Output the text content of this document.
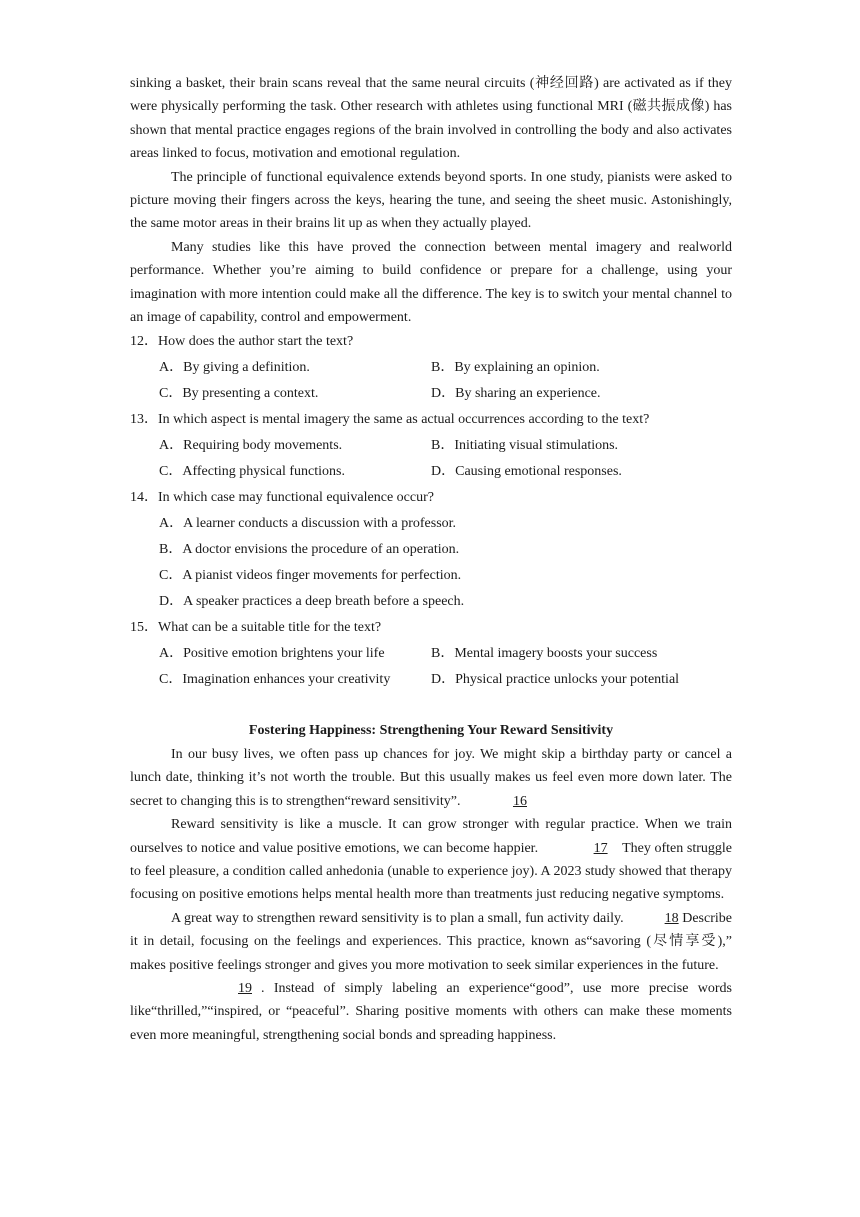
sinking a basket, their brain scans reveal that the same neural circuits (神经回路) are activated as if they were physically performing the task. Other research with athletes using functional MRI (磁共振成像) has shown that mental practice engages regions of the brain involved in controlling the body and also activates areas linked to focus, motivation and emotional regulation.

The principle of functional equivalence extends beyond sports. In one study, pianists were asked to picture moving their fingers across the keys, hearing the tune, and seeing the sheet music. Astonishingly, the same motor areas in their brains lit up as when they actually played.

Many studies like this have proved the connection between mental imagery and realworld performance. Whether you’re aiming to build confidence or prepare for a challenge, using your imagination with more intention could make all the difference. The key is to switch your mental channel to an image of capability, control and empowerment.

12．How does the author start the text?

A．By giving a definition.	B．By explaining an opinion.
C．By presenting a context.	D．By sharing an experience.

13．In which aspect is mental imagery the same as actual occurrences according to the text?

A．Requiring body movements.	B．Initiating visual stimulations.
C．Affecting physical functions.	D．Causing emotional responses.

14．In which case may functional equivalence occur?

A．A learner conducts a discussion with a professor.
B．A doctor envisions the procedure of an operation.
C．A pianist videos finger movements for perfection.
D．A speaker practices a deep breath before a speech.

15．What can be a suitable title for the text?

A．Positive emotion brightens your life	B．Mental imagery boosts your success
C．Imagination enhances your creativity	D．Physical practice unlocks your potential

Fostering Happiness: Strengthening Your Reward Sensitivity

In our busy lives, we often pass up chances for joy. We might skip a birthday party or cancel a lunch date, thinking it’s not worth the trouble. But this usually makes us feel even more down later. The secret to changing this is to strengthen“reward sensitivity”.	16

Reward sensitivity is like a muscle. It can grow stronger with regular practice. When we train ourselves to notice and value positive emotions, we can become happier.	17 They often struggle to feel pleasure, a condition called anhedonia (unable to experience joy). A 2023 study showed that therapy focusing on positive emotions helps mental health more than treatments just reducing negative symptoms.

A great way to strengthen reward sensitivity is to plan a small, fun activity daily.	18 Describe it in detail, focusing on the feelings and experiences. This practice, known as“savoring (尽情享受),” makes positive feelings stronger and gives you more motivation to seek similar experiences in the future.

19 . Instead of simply labeling an experience“good”, use more precise words like“thrilled,”“inspired, or “peaceful”. Sharing positive moments with others can make these moments even more meaningful, strengthening social bonds and spreading happiness.
